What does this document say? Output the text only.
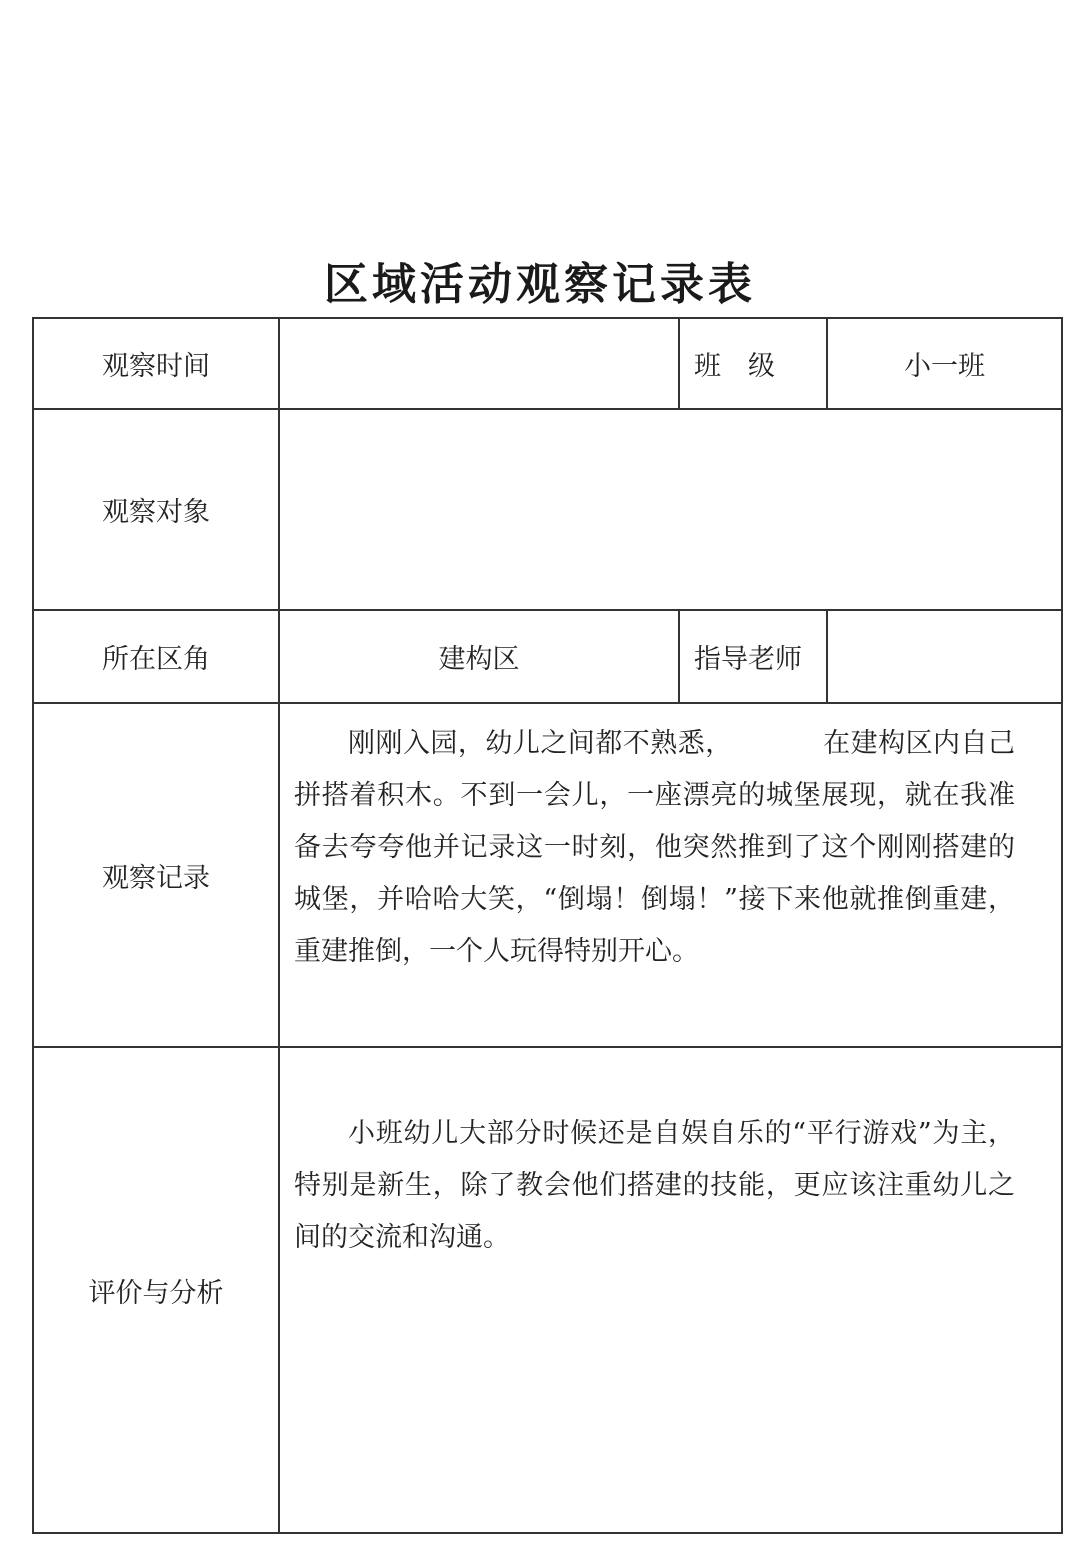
区域活动观察记录表
观察时间		班　级	小一班
观察对象			
所在区角	建构区	指导老师	
观察记录	刚刚入园，幼儿之间都不熟悉， 在建构区内自己拼搭着积木。不到一会儿，一座漂亮的城堡展现，就在我准备去夸夸他并记录这一时刻，他突然推到了这个刚刚搭建的城堡，并哈哈大笑，“倒塌！倒塌！”接下来他就推倒重建，重建推倒，一个人玩得特别开心。		

评价与分析	小班幼儿大部分时候还是自娱自乐的“平行游戏”为主，特别是新生，除了教会他们搭建的技能，更应该注重幼儿之间的交流和沟通。		
